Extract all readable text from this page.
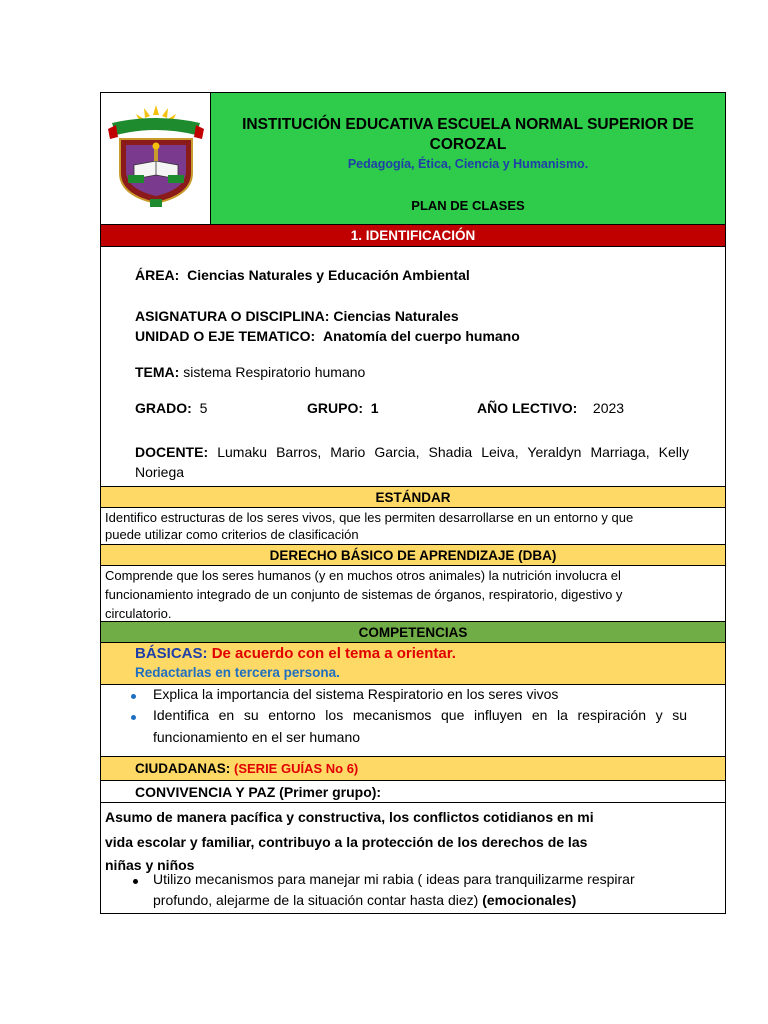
INSTITUCIÓN EDUCATIVA ESCUELA NORMAL SUPERIOR DE COROZAL
Pedagogía, Ética, Ciencia y Humanismo.
PLAN DE CLASES
1. IDENTIFICACIÓN
ÁREA: Ciencias Naturales y Educación Ambiental
ASIGNATURA O DISCIPLINA: Ciencias Naturales
UNIDAD O EJE TEMATICO: Anatomía del cuerpo humano
TEMA: sistema Respiratorio humano
GRADO: 5	GRUPO: 1	AÑO LECTIVO: 2023
DOCENTE: Lumaku Barros, Mario Garcia, Shadia Leiva, Yeraldyn Marriaga, Kelly
Noriega
ESTÁNDAR
Identifico estructuras de los seres vivos, que les permiten desarrollarse en un entorno y que
puede utilizar como criterios de clasificación
DERECHO BÁSICO DE APRENDIZAJE (DBA)
Comprende que los seres humanos (y en muchos otros animales) la nutrición involucra el
funcionamiento integrado de un conjunto de sistemas de órganos, respiratorio, digestivo y
circulatorio.
COMPETENCIAS
BÁSICAS: De acuerdo con el tema a orientar.
Redactarlas en tercera persona.
Explica la importancia del sistema Respiratorio en los seres vivos
Identifica en su entorno los mecanismos que influyen en la respiración y su
funcionamiento en el ser humano
CIUDADANAS: (SERIE GUÍAS No 6)
CONVIVENCIA Y PAZ (Primer grupo):
Asumo de manera pacífica y constructiva, los conflictos cotidianos en mi
vida escolar y familiar, contribuyo a la protección de los derechos de las
niñas y niños
Utilizo mecanismos para manejar mi rabia ( ideas para tranquilizarme respirar
profundo, alejarme de la situación contar hasta diez) (emocionales)
